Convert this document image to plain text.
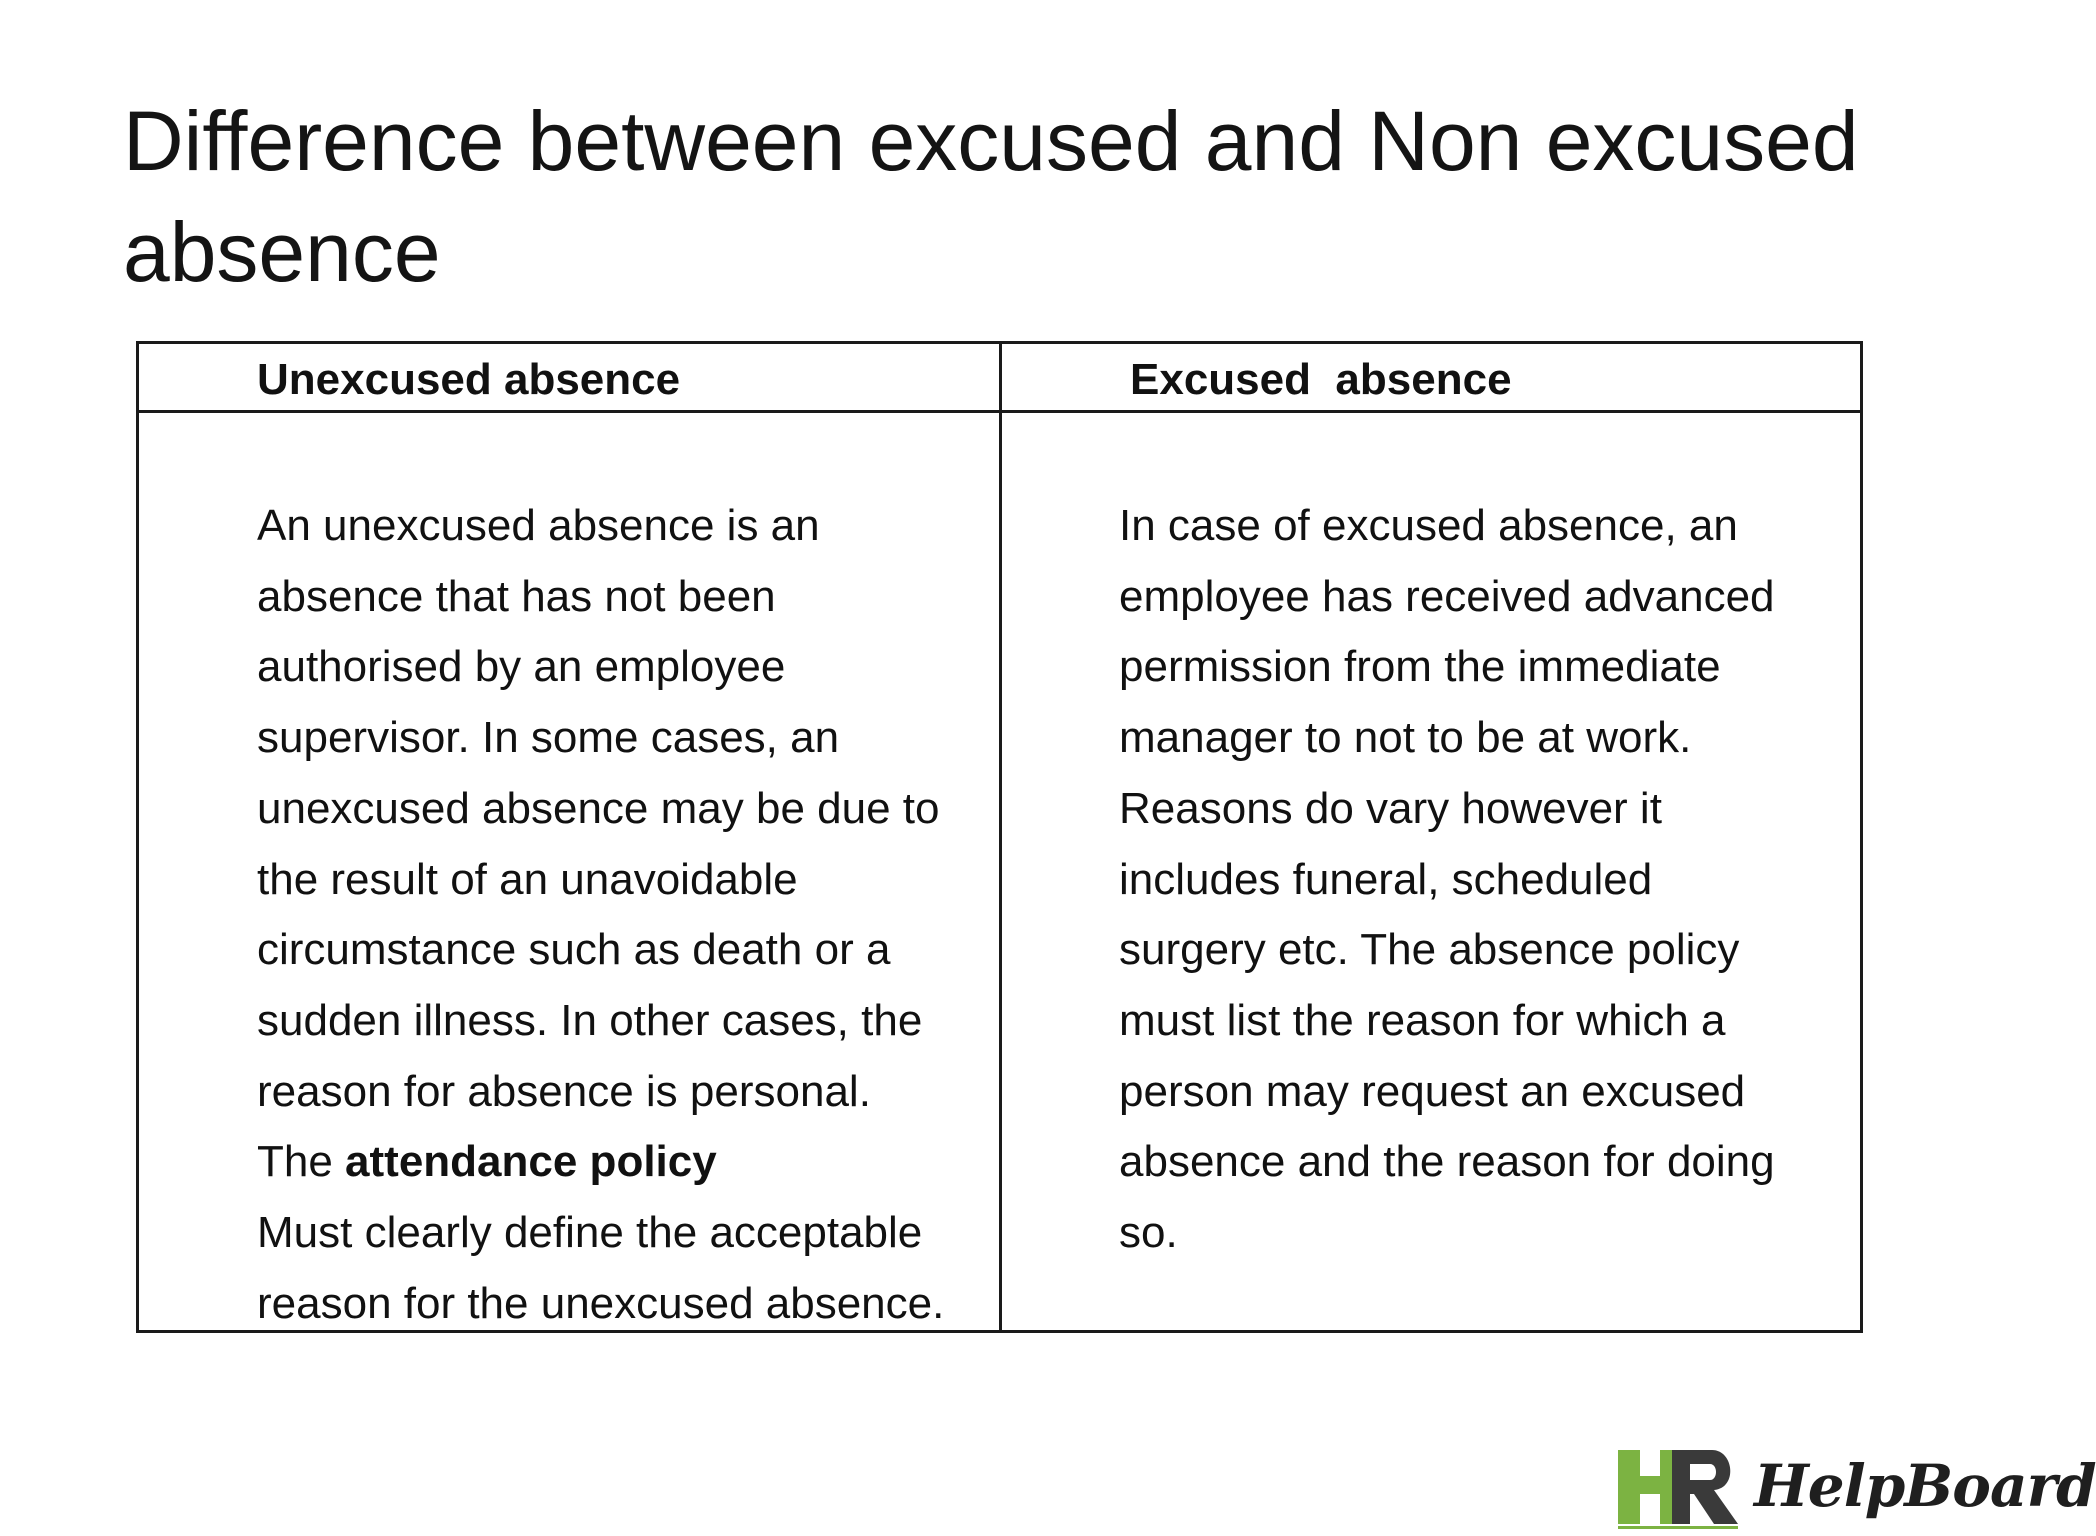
Difference between excused and Non excused
absence
Unexcused absence	Excused  absence
An unexcused absence is an
absence that has not been
authorised by an employee
supervisor. In some cases, an
unexcused absence may be due to
the result of an unavoidable
circumstance such as death or a
sudden illness. In other cases, the
reason for absence is personal.
The attendance policy
Must clearly define the acceptable
reason for the unexcused absence.
In case of excused absence, an
employee has received advanced
permission from the immediate
manager to not to be at work.
Reasons do vary however it
includes funeral, scheduled
surgery etc. The absence policy
must list the reason for which a
person may request an excused
absence and the reason for doing
so.
HelpBoard
